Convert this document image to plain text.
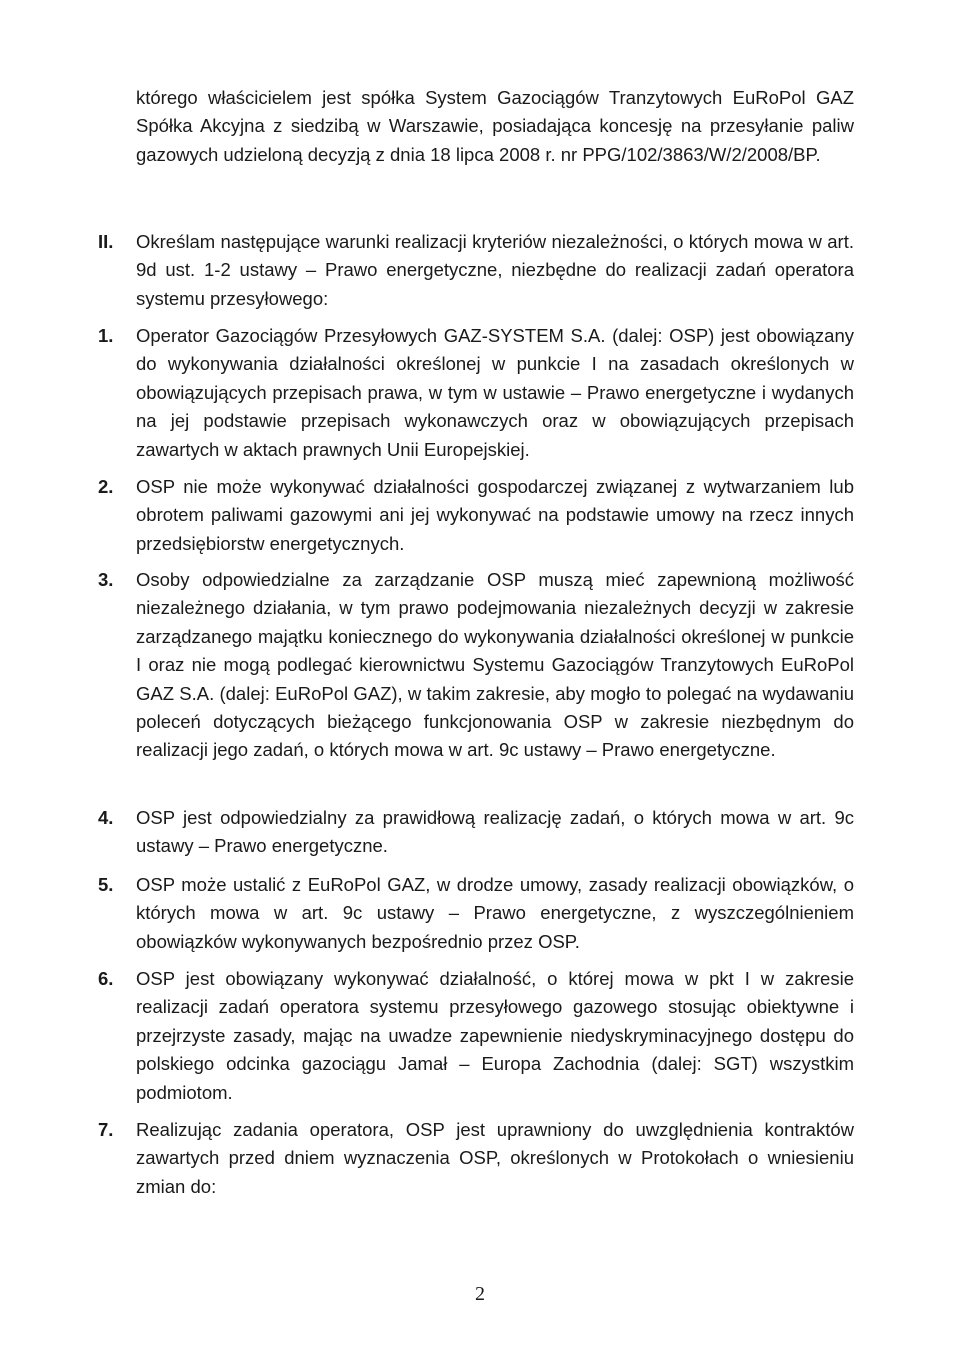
którego właścicielem jest spółka System Gazociągów Tranzytowych EuRoPol GAZ Spółka Akcyjna z siedzibą w Warszawie, posiadająca koncesję na przesyłanie paliw gazowych udzieloną decyzją z dnia 18 lipca 2008 r. nr PPG/102/3863/W/2/2008/BP.

II.	Określam następujące warunki realizacji kryteriów niezależności, o których mowa w art. 9d ust. 1-2 ustawy – Prawo energetyczne, niezbędne do realizacji zadań operatora systemu przesyłowego:

1.	Operator Gazociągów Przesyłowych GAZ-SYSTEM S.A. (dalej: OSP) jest obowiązany do wykonywania działalności określonej w punkcie I na zasadach określonych w obowiązujących przepisach prawa, w tym w ustawie – Prawo energetyczne i wydanych na jej podstawie przepisach wykonawczych oraz w obowiązujących przepisach zawartych w aktach prawnych Unii Europejskiej.

2.	OSP nie może wykonywać działalności gospodarczej związanej z wytwarzaniem lub obrotem paliwami gazowymi ani jej wykonywać na podstawie umowy na rzecz innych przedsiębiorstw energetycznych.

3.	Osoby odpowiedzialne za zarządzanie OSP muszą mieć zapewnioną możliwość niezależnego działania, w tym prawo podejmowania niezależnych decyzji w zakresie zarządzanego majątku koniecznego do wykonywania działalności określonej w punkcie I oraz nie mogą podlegać kierownictwu Systemu Gazociągów Tranzytowych EuRoPol GAZ S.A. (dalej: EuRoPol GAZ), w takim zakresie, aby mogło to polegać na wydawaniu poleceń dotyczących bieżącego funkcjonowania OSP w zakresie niezbędnym do realizacji jego zadań, o których mowa w art. 9c ustawy – Prawo energetyczne.

4.	OSP jest odpowiedzialny za prawidłową realizację zadań, o których mowa w art. 9c ustawy – Prawo energetyczne.

5.	OSP może ustalić z EuRoPol GAZ, w drodze umowy, zasady realizacji obowiązków, o których mowa w art. 9c ustawy – Prawo energetyczne, z wyszczególnieniem obowiązków wykonywanych bezpośrednio przez OSP.

6.	OSP jest obowiązany wykonywać działalność, o której mowa w pkt I w zakresie realizacji zadań operatora systemu przesyłowego gazowego stosując obiektywne i przejrzyste zasady, mając na uwadze zapewnienie niedyskryminacyjnego dostępu do polskiego odcinka gazociągu Jamał – Europa Zachodnia (dalej: SGT) wszystkim podmiotom.

7.	Realizując zadania operatora, OSP jest uprawniony do uwzględnienia kontraktów zawartych przed dniem wyznaczenia OSP, określonych w Protokołach o wniesieniu zmian do:

2
